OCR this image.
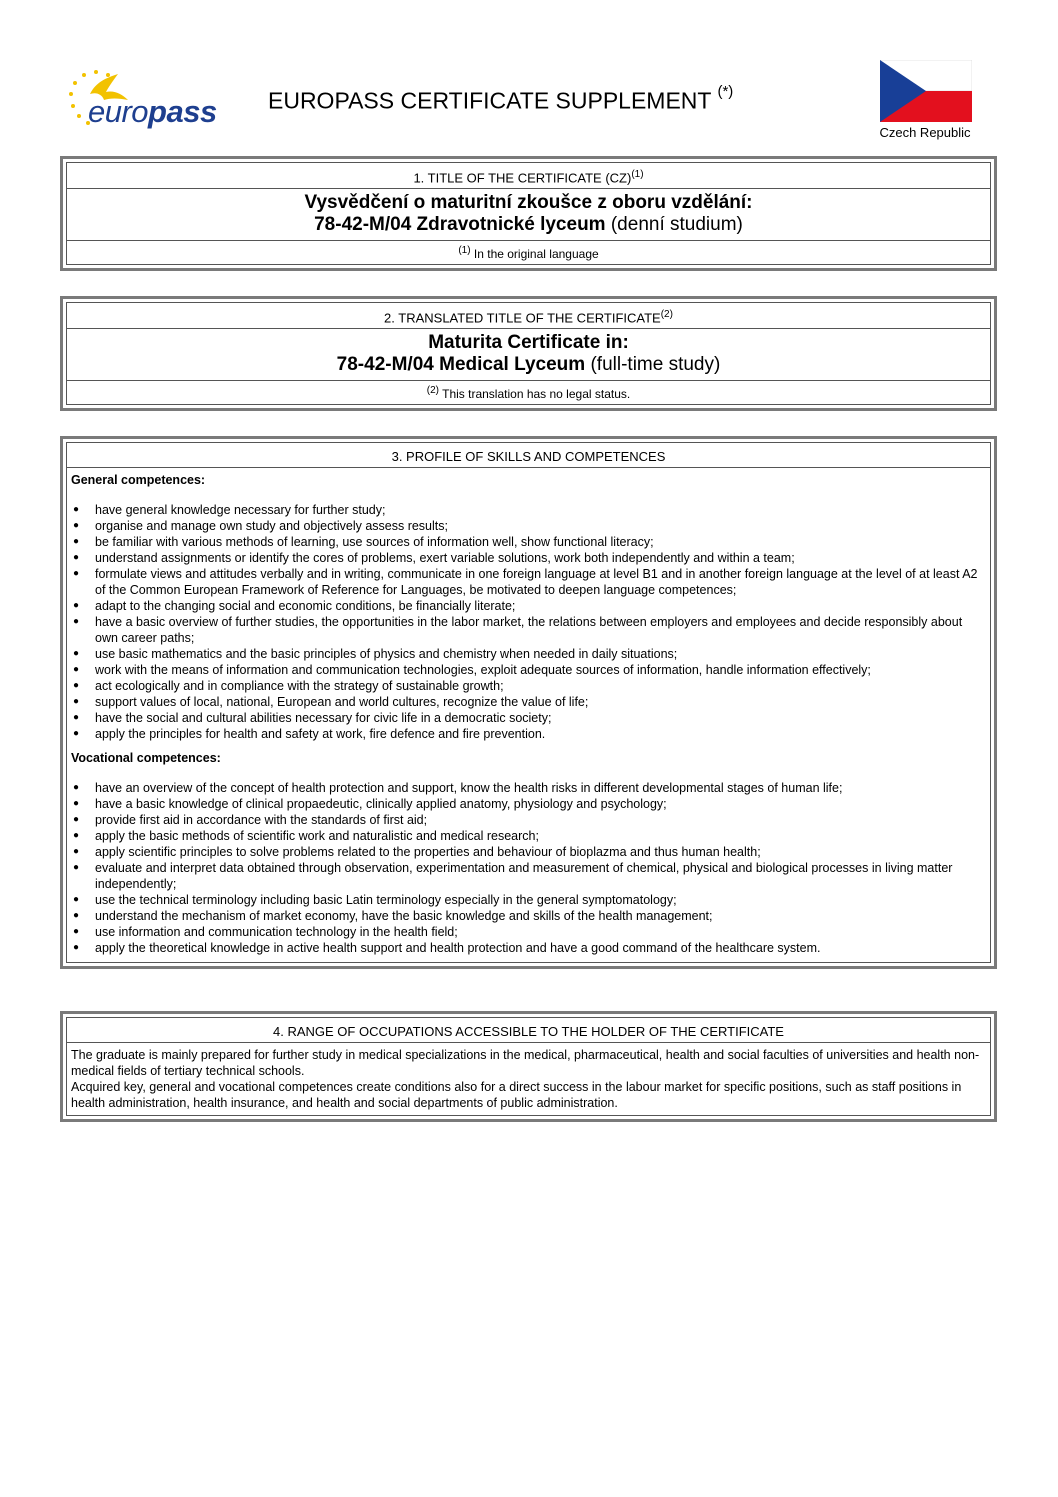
europass EUROPASS CERTIFICATE SUPPLEMENT (*)
Czech Republic
1. TITLE OF THE CERTIFICATE (CZ)$^{(1)}$
Vysvědčení o maturitní zkoušce z oboru vzdělání:
78-42-M/04 Zdravotnické lyceum (denní studium)
$^{(1)}$ In the original language
2. TRANSLATED TITLE OF THE CERTIFICATE$^{(2)}$
Maturita Certificate in:
78-42-M/04 Medical Lyceum (full-time study)
$^{(2)}$ This translation has no legal status.
3. PROFILE OF SKILLS AND COMPETENCES
General competences:
● have general knowledge necessary for further study;
● organise and manage own study and objectively assess results;
● be familiar with various methods of learning, use sources of information well, show functional literacy;
● understand assignments or identify the cores of problems, exert variable solutions, work both independently and within a team;
● formulate views and attitudes verbally and in writing, communicate in one foreign language at level B1 and in another foreign language at the level of at least A2 of the Common European Framework of Reference for Languages, be motivated to deepen language competences;
● adapt to the changing social and economic conditions, be financially literate;
● have a basic overview of further studies, the opportunities in the labor market, the relations between employers and employees and decide responsibly about own career paths;
● use basic mathematics and the basic principles of physics and chemistry when needed in daily situations;
● work with the means of information and communication technologies, exploit adequate sources of information, handle information effectively;
● act ecologically and in compliance with the strategy of sustainable growth;
● support values of local, national, European and world cultures, recognize the value of life;
● have the social and cultural abilities necessary for civic life in a democratic society;
● apply the principles for health and safety at work, fire defence and fire prevention.
Vocational competences:
● have an overview of the concept of health protection and support, know the health risks in different developmental stages of human life;
● have a basic knowledge of clinical propaedeutic, clinically applied anatomy, physiology and psychology;
● provide first aid in accordance with the standards of first aid;
● apply the basic methods of scientific work and naturalistic and medical research;
● apply scientific principles to solve problems related to the properties and behaviour of bioplazma and thus human health;
● evaluate and interpret data obtained through observation, experimentation and measurement of chemical, physical and biological processes in living matter independently;
● use the technical terminology including basic Latin terminology especially in the general symptomatology;
● understand the mechanism of market economy, have the basic knowledge and skills of the health management;
● use information and communication technology in the health field;
● apply the theoretical knowledge in active health support and health protection and have a good command of the healthcare system.
4. RANGE OF OCCUPATIONS ACCESSIBLE TO THE HOLDER OF THE CERTIFICATE
The graduate is mainly prepared for further study in medical specializations in the medical, pharmaceutical, health and social faculties of universities and health non-medical fields of tertiary technical schools.
Acquired key, general and vocational competences create conditions also for a direct success in the labour market for specific positions, such as staff positions in health administration, health insurance, and health and social departments of public administration.
